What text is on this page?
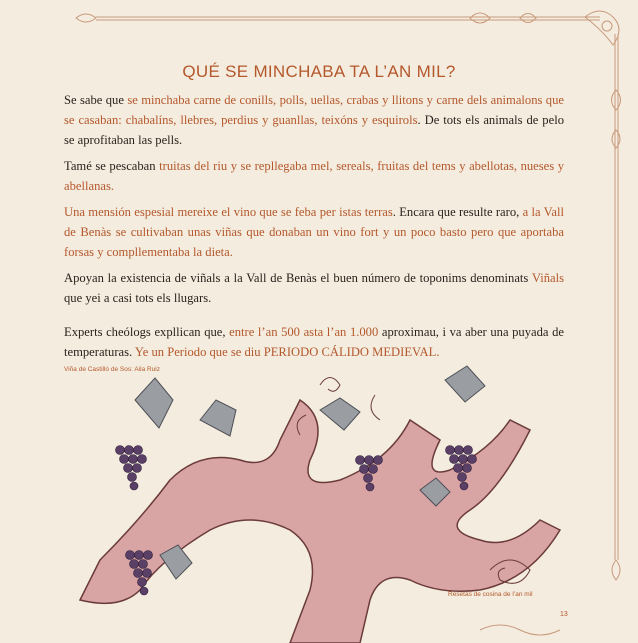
QUÉ SE MINCHABA TA L’AN MIL?

Se sabe que se minchaba carne de conills, polls, uellas, crabas y llitons y carne dels animalons que se casaban: chabalíns, llebres, perdius y guanllas, teixóns y esquirols. De tots els animals de pelo se aprofitaban las pells.

Tamé se pescaban truitas del riu y se repllegaba mel, sereals, fruitas del tems y abellotas, nueses y abellanas.

Una mensión espesial mereixe el vino que se feba per istas terras. Encara que resulte raro, a la Vall de Benàs se cultivaban unas viñas que donaban un vino fort y un poco basto pero que aportaba forsas y compllementaba la dieta.

Apoyan la existencia de viñals a la Vall de Benàs el buen número de toponims denominats Viñals que yei a casi tots els llugars.

Experts cheólogs expllican que, entre l’an 500 asta l’an 1.000 aproximau, i va aber una puyada de temperaturas. Ye un Periodo que se diu PERIODO CÁLIDO MEDIEVAL.

Viña de Castilló de Sos: Aila Ruiz
Resetas de cosina de l’an mil
13
